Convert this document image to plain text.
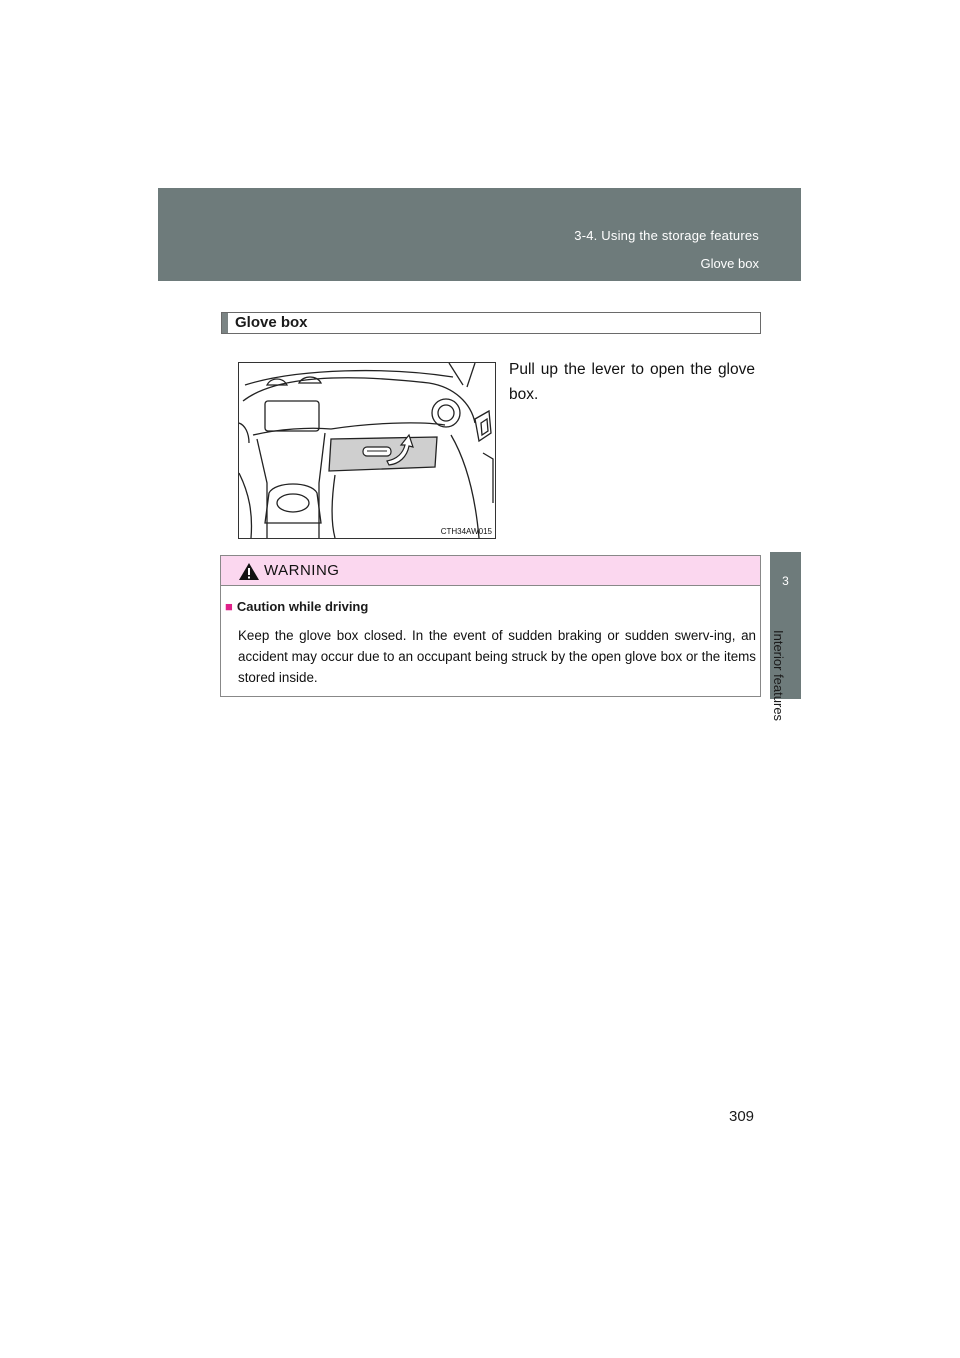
3-4. Using the storage features
Glove box
3
Interior features
Glove box
CTH34AW015
Pull up the lever to open the glove box.
WARNING
■ Caution while driving
Keep the glove box closed. In the event of sudden braking or sudden swerv-ing, an accident may occur due to an occupant being struck by the open glove box or the items stored inside.
309
